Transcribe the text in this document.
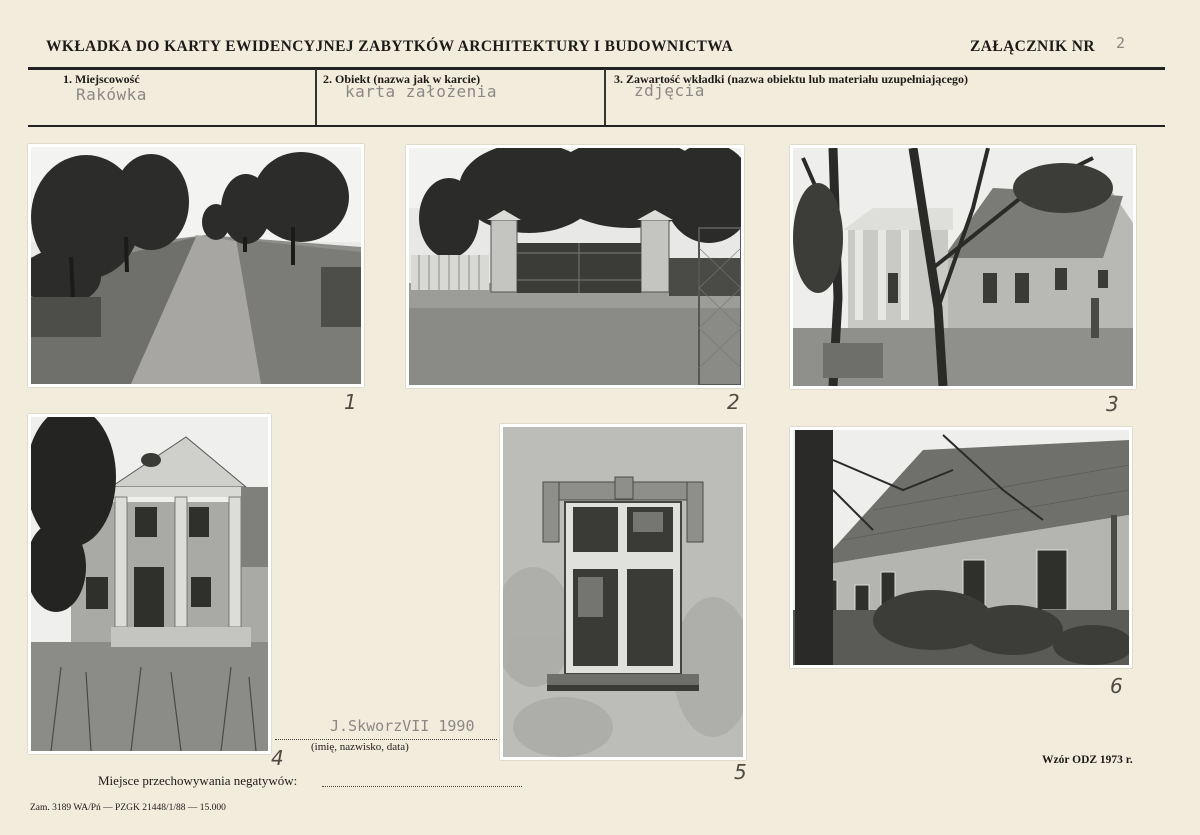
WKŁADKA DO KARTY EWIDENCYJNEJ ZABYTKÓW ARCHITEKTURY I BUDOWNICTWA	ZAŁĄCZNIK NR 2
1. Miejscowość
Rakówka
2. Obiekt (nazwa jak w karcie)
karta założenia
3. Zawartość wkładki (nazwa obiektu lub materiału uzupełniającego)
zdjęcia
1	2	3
4
5
6
J.SkworzVII 1990
(imię, nazwisko, data)
Miejsce przechowywania negatywów:
Wzór ODZ 1973 r.
Zam. 3189 WA/Pń — PZGK 21448/1/88 — 15.000
